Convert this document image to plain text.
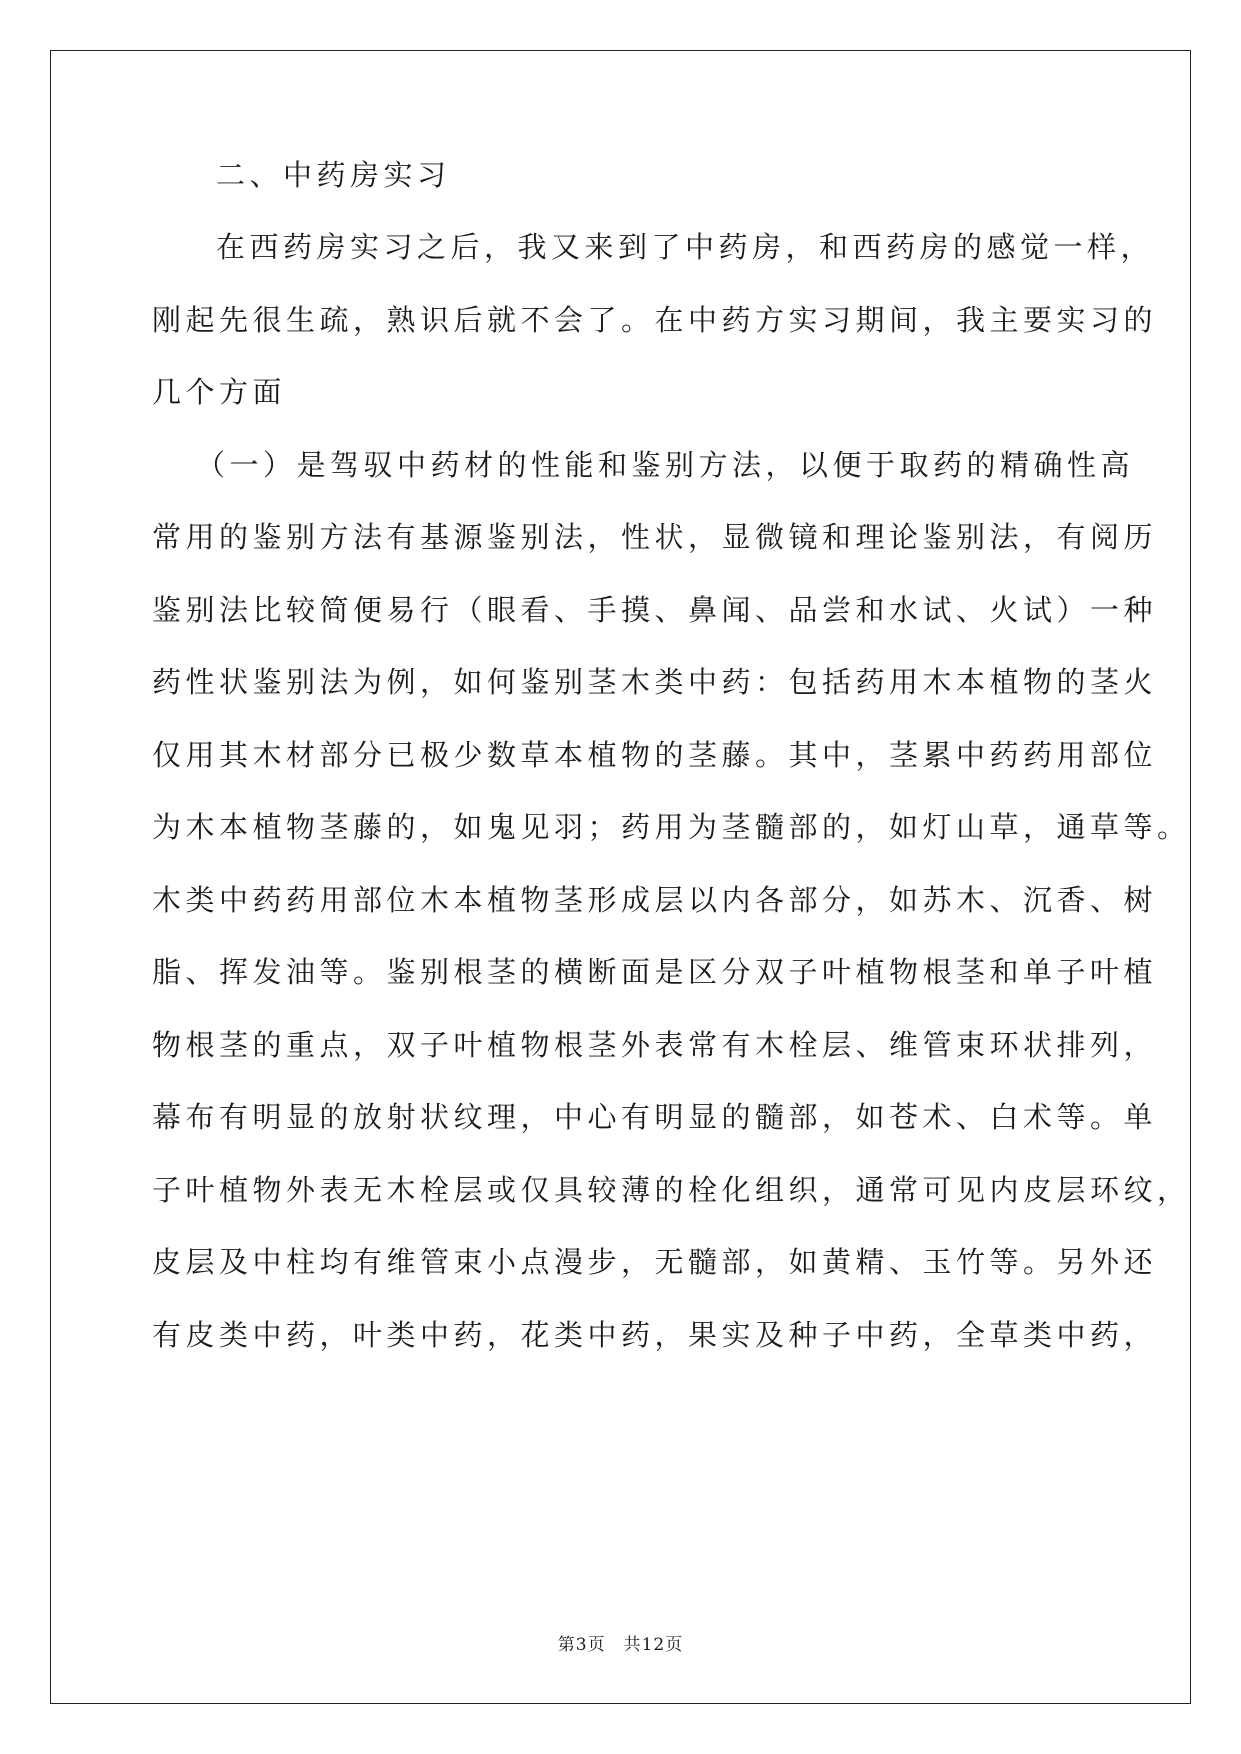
二、中药房实习
在西药房实习之后，我又来到了中药房，和西药房的感觉一样，
刚起先很生疏，熟识后就不会了。在中药方实习期间，我主要实习的
几个方面
（一）是驾驭中药材的性能和鉴别方法，以便于取药的精确性高
常用的鉴别方法有基源鉴别法，性状，显微镜和理论鉴别法，有阅历
鉴别法比较简便易行（眼看、手摸、鼻闻、品尝和水试、火试）一种
药性状鉴别法为例，如何鉴别茎木类中药：包括药用木本植物的茎火
仅用其木材部分已极少数草本植物的茎藤。其中，茎累中药药用部位
为木本植物茎藤的，如鬼见羽；药用为茎髓部的，如灯山草，通草等。
木类中药药用部位木本植物茎形成层以内各部分，如苏木、沉香、树
脂、挥发油等。鉴别根茎的横断面是区分双子叶植物根茎和单子叶植
物根茎的重点，双子叶植物根茎外表常有木栓层、维管束环状排列，
幕布有明显的放射状纹理，中心有明显的髓部，如苍术、白术等。单
子叶植物外表无木栓层或仅具较薄的栓化组织，通常可见内皮层环纹，
皮层及中柱均有维管束小点漫步，无髓部，如黄精、玉竹等。另外还
有皮类中药，叶类中药，花类中药，果实及种子中药，全草类中药，
第3页 共12页
